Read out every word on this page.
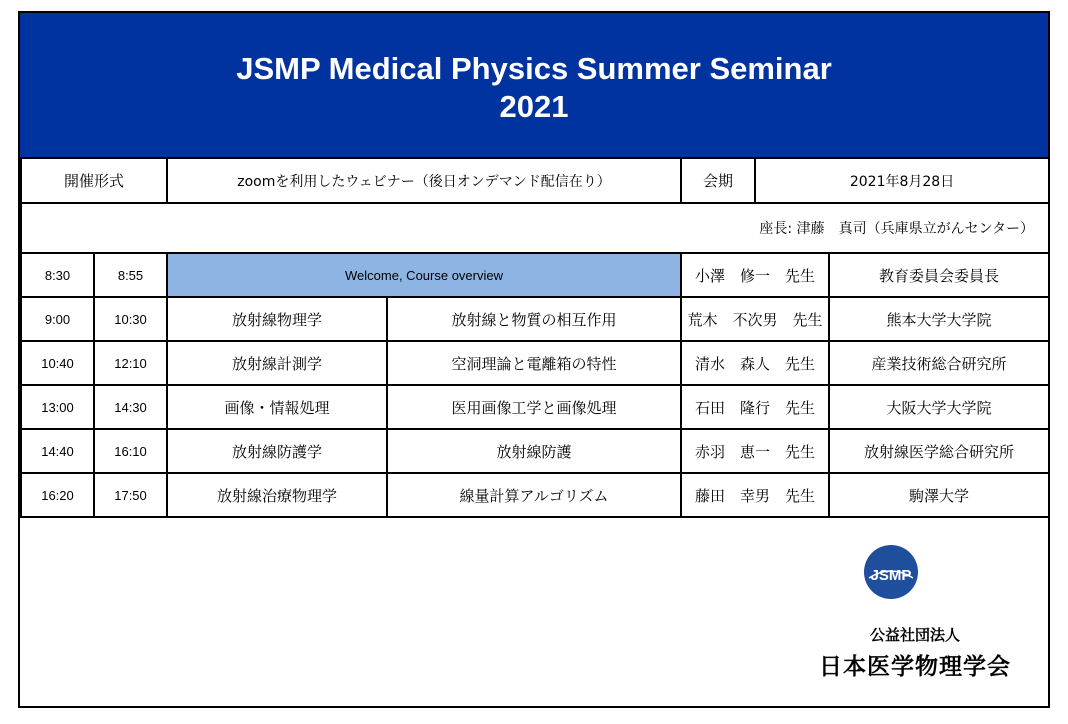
JSMP Medical Physics Summer Seminar
2021
開催形式		zoomを利用したウェビナー（後日オンデマンド配信在り）		会期	2021年8月28日	
座長: 津藤　真司（兵庫県立がんセンター）						
8:30	8:55	Welcome, Course overview		小澤　修一　先生		教育委員会委員長
9:00	10:30	放射線物理学	放射線と物質の相互作用	荒木　不次男　先生		熊本大学大学院
10:40	12:10	放射線計測学	空洞理論と電離箱の特性	清水　森人　先生		産業技術総合研究所
13:00	14:30	画像・情報処理	医用画像工学と画像処理	石田　隆行　先生		大阪大学大学院
14:40	16:10	放射線防護学	放射線防護	赤羽　恵一　先生		放射線医学総合研究所
16:20	17:50	放射線治療物理学	線量計算アルゴリズム	藤田　幸男　先生		駒澤大学
JSMP
公益社団法人
日本医学物理学会
